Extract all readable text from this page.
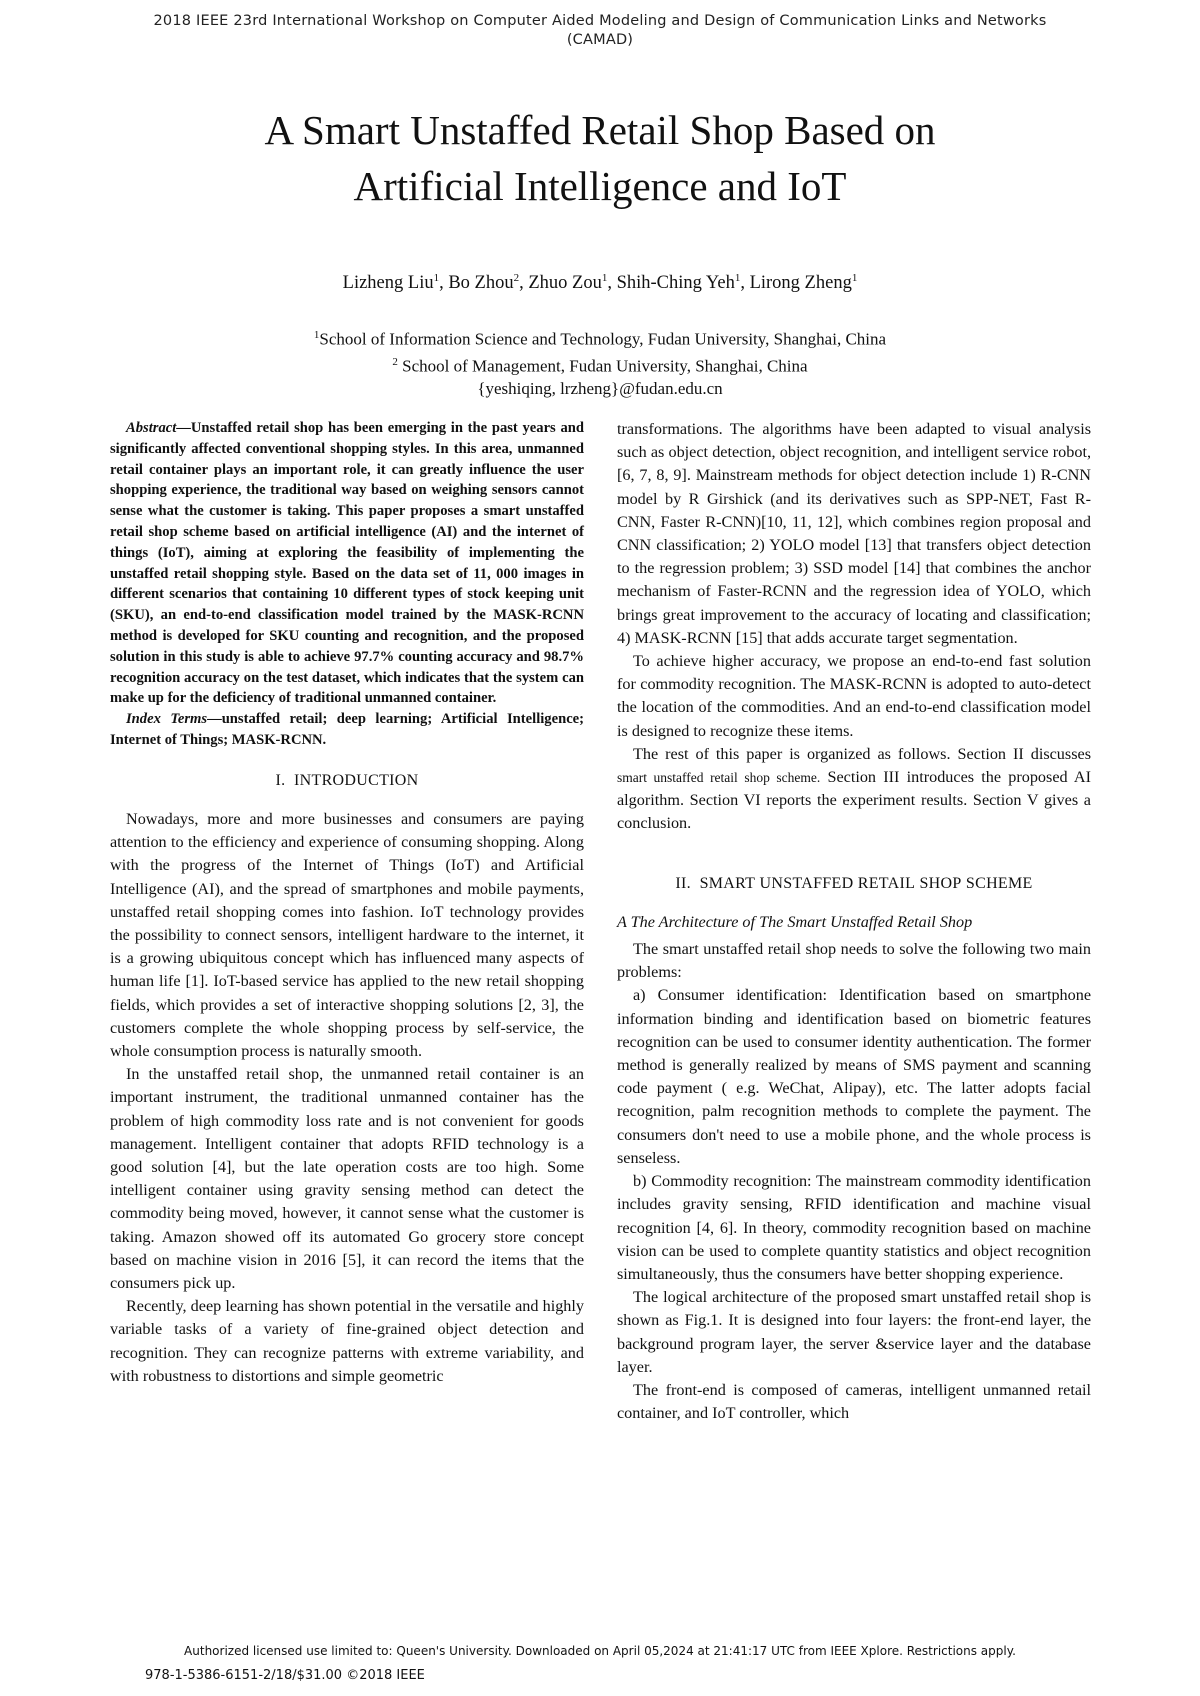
2018 IEEE 23rd International Workshop on Computer Aided Modeling and Design of Communication Links and Networks (CAMAD)
A Smart Unstaffed Retail Shop Based on
Artificial Intelligence and IoT
Lizheng Liu$^1$, Bo Zhou$^2$, Zhuo Zou$^1$, Shih-Ching Yeh$^1$, Lirong Zheng$^1$
$^1$School of Information Science and Technology, Fudan University, Shanghai, China
$^2$ School of Management, Fudan University, Shanghai, China
{yeshiqing, lrzheng}@fudan.edu.cn

Abstract—Unstaffed retail shop has been emerging in the past years and significantly affected conventional shopping styles. In this area, unmanned retail container plays an important role, it can greatly influence the user shopping experience, the traditional way based on weighing sensors cannot sense what the customer is taking. This paper proposes a smart unstaffed retail shop scheme based on artificial intelligence (AI) and the internet of things (IoT), aiming at exploring the feasibility of implementing the unstaffed retail shopping style. Based on the data set of 11, 000 images in different scenarios that containing 10 different types of stock keeping unit (SKU), an end-to-end classification model trained by the MASK-RCNN method is developed for SKU counting and recognition, and the proposed solution in this study is able to achieve 97.7% counting accuracy and 98.7% recognition accuracy on the test dataset, which indicates that the system can make up for the deficiency of traditional unmanned container.

Index Terms—unstaffed retail; deep learning; Artificial Intelligence; Internet of Things; MASK-RCNN.

I. INTRODUCTION

Nowadays, more and more businesses and consumers are paying attention to the efficiency and experience of consuming shopping. Along with the progress of the Internet of Things (IoT) and Artificial Intelligence (AI), and the spread of smartphones and mobile payments, unstaffed retail shopping comes into fashion. IoT technology provides the possibility to connect sensors, intelligent hardware to the internet, it is a growing ubiquitous concept which has influenced many aspects of human life [1]. IoT-based service has applied to the new retail shopping fields, which provides a set of interactive shopping solutions [2, 3], the customers complete the whole shopping process by self-service, the whole consumption process is naturally smooth.

In the unstaffed retail shop, the unmanned retail container is an important instrument, the traditional unmanned container has the problem of high commodity loss rate and is not convenient for goods management. Intelligent container that adopts RFID technology is a good solution [4], but the late operation costs are too high. Some intelligent container using gravity sensing method can detect the commodity being moved, however, it cannot sense what the customer is taking. Amazon showed off its automated Go grocery store concept based on machine vision in 2016 [5], it can record the items that the consumers pick up.

Recently, deep learning has shown potential in the versatile and highly variable tasks of a variety of fine-grained object detection and recognition. They can recognize patterns with extreme variability, and with robustness to distortions and simple geometric

transformations. The algorithms have been adapted to visual analysis such as object detection, object recognition, and intelligent service robot, [6, 7, 8, 9]. Mainstream methods for object detection include 1) R-CNN model by R Girshick (and its derivatives such as SPP-NET, Fast R-CNN, Faster R-CNN)[10, 11, 12], which combines region proposal and CNN classification; 2) YOLO model [13] that transfers object detection to the regression problem; 3) SSD model [14] that combines the anchor mechanism of Faster-RCNN and the regression idea of YOLO, which brings great improvement to the accuracy of locating and classification; 4) MASK-RCNN [15] that adds accurate target segmentation.

To achieve higher accuracy, we propose an end-to-end fast solution for commodity recognition. The MASK-RCNN is adopted to auto-detect the location of the commodities. And an end-to-end classification model is designed to recognize these items.

The rest of this paper is organized as follows. Section II discusses smart unstaffed retail shop scheme. Section III introduces the proposed AI algorithm. Section VI reports the experiment results. Section V gives a conclusion.

II. SMART UNSTAFFED RETAIL SHOP SCHEME
A The Architecture of The Smart Unstaffed Retail Shop

The smart unstaffed retail shop needs to solve the following two main problems:

a) Consumer identification: Identification based on smartphone information binding and identification based on biometric features recognition can be used to consumer identity authentication. The former method is generally realized by means of SMS payment and scanning code payment ( e.g. WeChat, Alipay), etc. The latter adopts facial recognition, palm recognition methods to complete the payment. The consumers don't need to use a mobile phone, and the whole process is senseless.

b) Commodity recognition: The mainstream commodity identification includes gravity sensing, RFID identification and machine visual recognition [4, 6]. In theory, commodity recognition based on machine vision can be used to complete quantity statistics and object recognition simultaneously, thus the consumers have better shopping experience.

The logical architecture of the proposed smart unstaffed retail shop is shown as Fig.1. It is designed into four layers: the front-end layer, the background program layer, the server &service layer and the database layer.

The front-end is composed of cameras, intelligent unmanned retail container, and IoT controller, which

Authorized licensed use limited to: Queen's University. Downloaded on April 05,2024 at 21:41:17 UTC from IEEE Xplore. Restrictions apply.
978-1-5386-6151-2/18/$31.00 ©2018 IEEE
